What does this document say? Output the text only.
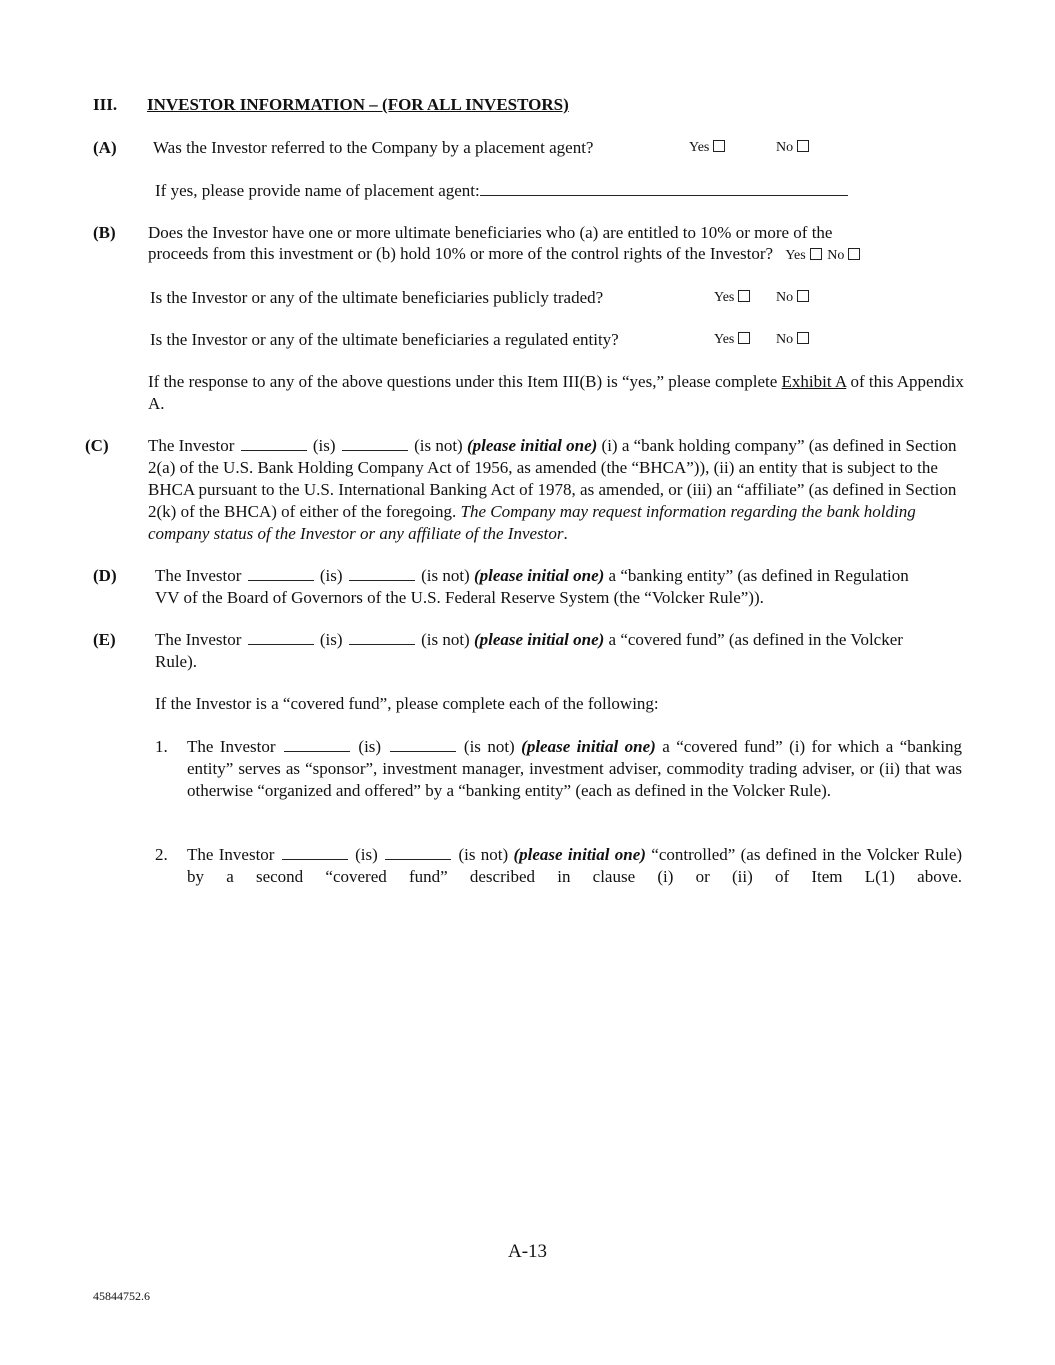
III. INVESTOR INFORMATION – (FOR ALL INVESTORS)
(A) Was the Investor referred to the Company by a placement agent?	Yes	No
If yes, please provide name of placement agent:
(B) Does the Investor have one or more ultimate beneficiaries who (a) are entitled to 10% or more of the
proceeds from this investment or (b) hold 10% or more of the control rights of the Investor? Yes No
Is the Investor or any of the ultimate beneficiaries publicly traded?	Yes	No
Is the Investor or any of the ultimate beneficiaries a regulated entity?	Yes	No
If the response to any of the above questions under this Item III(B) is “yes,” please complete Exhibit A of this Appendix A.
(C) The Investor	(is)	(is not) (please initial one) (i) a “bank holding company” (as defined in Section 2(a) of the U.S. Bank Holding Company Act of 1956, as amended (the “BHCA”)), (ii) an entity that is subject to the BHCA pursuant to the U.S. International Banking Act of 1978, as amended, or (iii) an “affiliate” (as defined in Section 2(k) of the BHCA) of either of the foregoing. The Company may request information regarding the bank holding company status of the Investor or any affiliate of the Investor.
(D) The Investor	(is)	(is not) (please initial one) a “banking entity” (as defined in Regulation VV of the Board of Governors of the U.S. Federal Reserve System (the “Volcker Rule”)).
(E) The Investor	(is)	(is not) (please initial one) a “covered fund” (as defined in the Volcker Rule).
If the Investor is a “covered fund”, please complete each of the following:
1. The Investor	(is)	(is not) (please initial one) a “covered fund” (i) for which a “banking entity” serves as “sponsor”, investment manager, investment adviser, commodity trading adviser, or (ii) that was otherwise “organized and offered” by a “banking entity” (each as defined in the Volcker Rule).
2. The Investor	(is)	(is not) (please initial one) “controlled” (as defined in the Volcker Rule) by a second “covered fund” described in clause (i) or (ii) of Item L(1) above.
A-13
45844752.6
